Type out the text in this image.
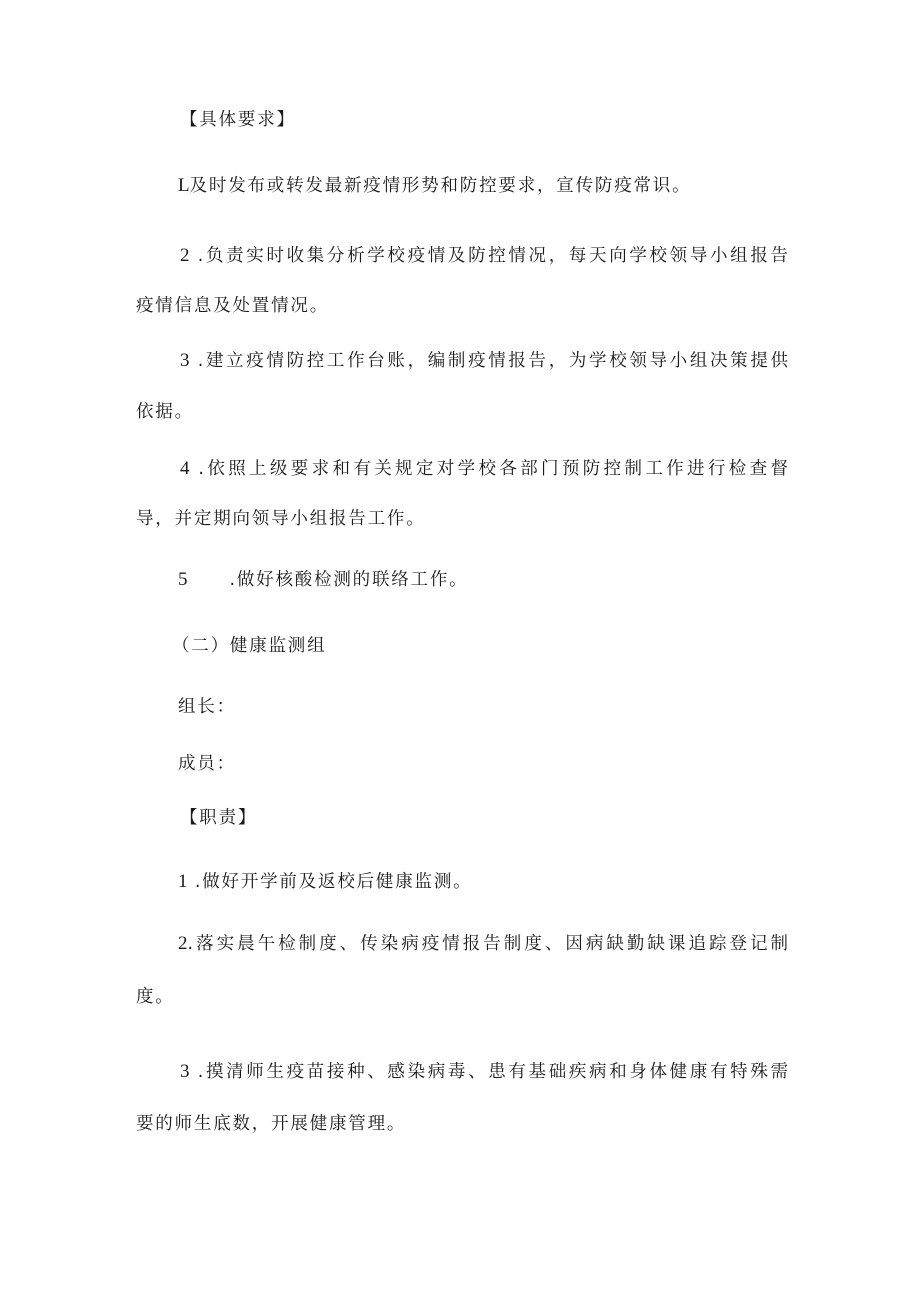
【具体要求】
L及时发布或转发最新疫情形势和防控要求，宣传防疫常识。
2 .负责实时收集分析学校疫情及防控情况，每天向学校领导小组报告
疫情信息及处置情况。
3 .建立疫情防控工作台账，编制疫情报告，为学校领导小组决策提供
依据。
4 .依照上级要求和有关规定对学校各部门预防控制工作进行检查督
导，并定期向领导小组报告工作。
5 .做好核酸检测的联络工作。
（二）健康监测组
组长：
成员：
【职责】
1 .做好开学前及返校后健康监测。
2.落实晨午检制度、传染病疫情报告制度、因病缺勤缺课追踪登记制
度。
3 .摸清师生疫苗接种、感染病毒、患有基础疾病和身体健康有特殊需
要的师生底数，开展健康管理。
